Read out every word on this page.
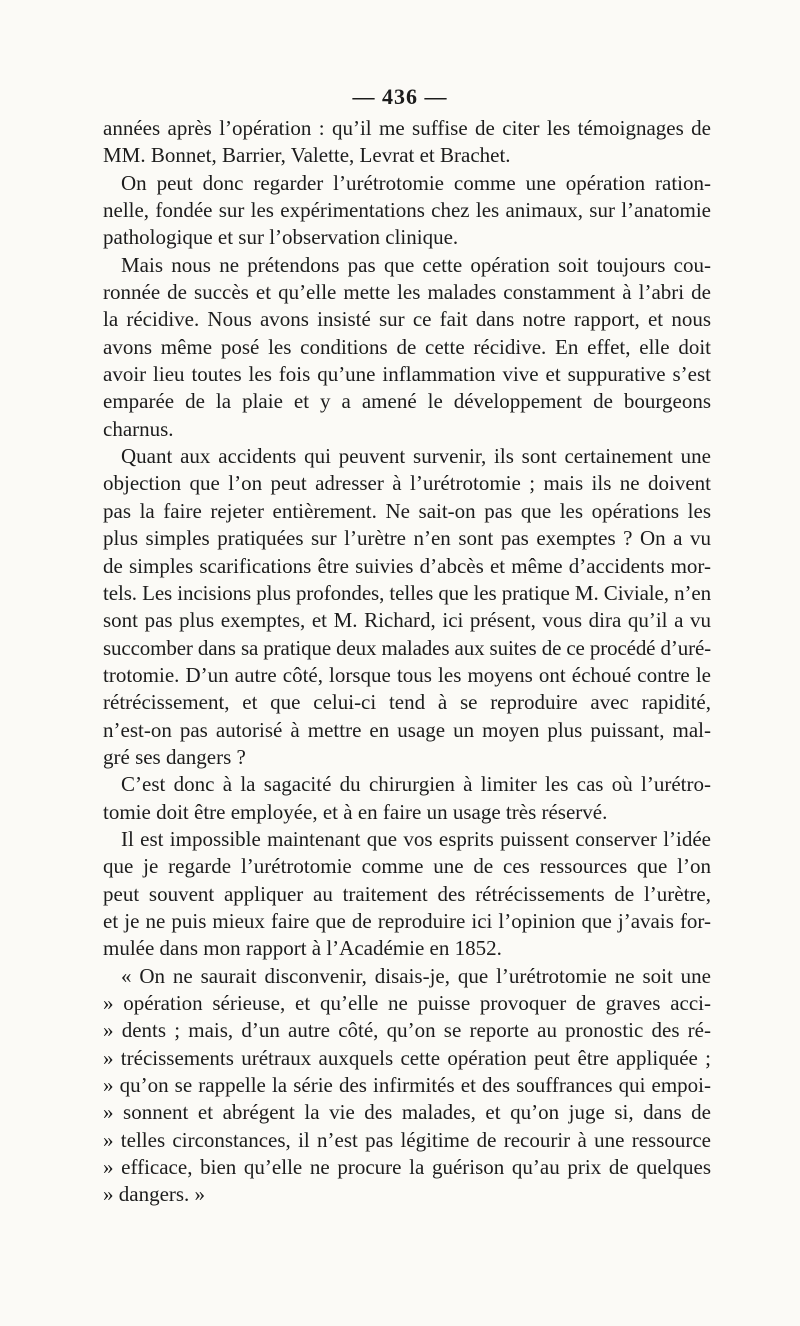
— 436 —
années après l’opération : qu’il me suffise de citer les témoignages de
MM. Bonnet, Barrier, Valette, Levrat et Brachet.
On peut donc regarder l’urétrotomie comme une opération ration-
nelle, fondée sur les expérimentations chez les animaux, sur l’anatomie
pathologique et sur l’observation clinique.
Mais nous ne prétendons pas que cette opération soit toujours cou-
ronnée de succès et qu’elle mette les malades constamment à l’abri de
la récidive. Nous avons insisté sur ce fait dans notre rapport, et nous
avons même posé les conditions de cette récidive. En effet, elle doit
avoir lieu toutes les fois qu’une inflammation vive et suppurative s’est
emparée de la plaie et y a amené le développement de bourgeons
charnus.
Quant aux accidents qui peuvent survenir, ils sont certainement une
objection que l’on peut adresser à l’urétrotomie ; mais ils ne doivent
pas la faire rejeter entièrement. Ne sait-on pas que les opérations les
plus simples pratiquées sur l’urètre n’en sont pas exemptes ? On a vu
de simples scarifications être suivies d’abcès et même d’accidents mor-
tels. Les incisions plus profondes, telles que les pratique M. Civiale, n’en
sont pas plus exemptes, et M. Richard, ici présent, vous dira qu’il a vu
succomber dans sa pratique deux malades aux suites de ce procédé d’uré-
trotomie. D’un autre côté, lorsque tous les moyens ont échoué contre le
rétrécissement, et que celui-ci tend à se reproduire avec rapidité,
n’est-on pas autorisé à mettre en usage un moyen plus puissant, mal-
gré ses dangers ?
C’est donc à la sagacité du chirurgien à limiter les cas où l’urétro-
tomie doit être employée, et à en faire un usage très réservé.
Il est impossible maintenant que vos esprits puissent conserver l’idée
que je regarde l’urétrotomie comme une de ces ressources que l’on
peut souvent appliquer au traitement des rétrécissements de l’urètre,
et je ne puis mieux faire que de reproduire ici l’opinion que j’avais for-
mulée dans mon rapport à l’Académie en 1852.
« On ne saurait disconvenir, disais-je, que l’urétrotomie ne soit une
» opération sérieuse, et qu’elle ne puisse provoquer de graves acci-
» dents ; mais, d’un autre côté, qu’on se reporte au pronostic des ré-
» trécissements urétraux auxquels cette opération peut être appliquée ;
» qu’on se rappelle la série des infirmités et des souffrances qui empoi-
» sonnent et abrégent la vie des malades, et qu’on juge si, dans de
» telles circonstances, il n’est pas légitime de recourir à une ressource
» efficace, bien qu’elle ne procure la guérison qu’au prix de quelques
» dangers. »
